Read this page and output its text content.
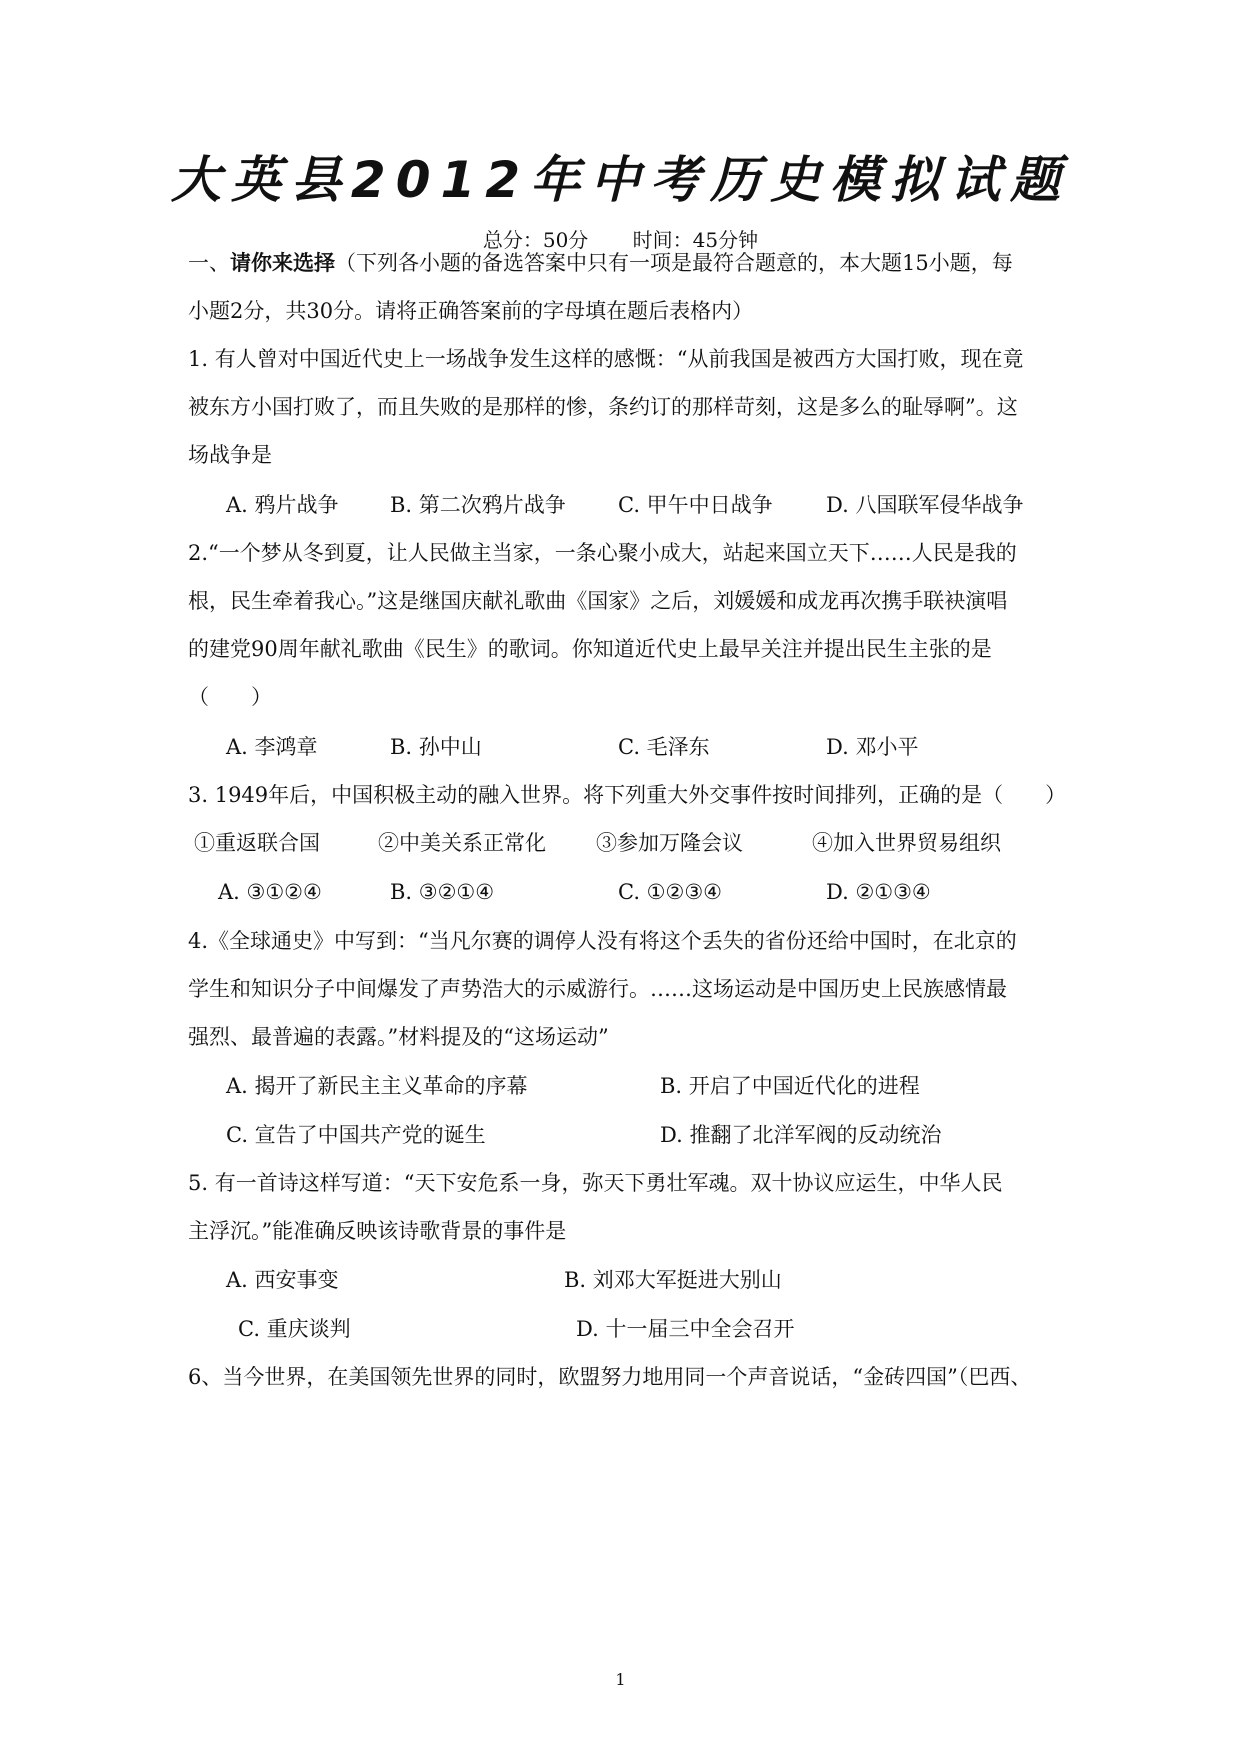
大英县2012年中考历史模拟试题
总分：50分 时间：45分钟
一、请你来选择（下列各小题的备选答案中只有一项是最符合题意的，本大题15小题，每
小题2分，共30分。请将正确答案前的字母填在题后表格内）
1. 有人曾对中国近代史上一场战争发生这样的感慨：“从前我国是被西方大国打败，现在竟
被东方小国打败了，而且失败的是那样的惨，条约订的那样苛刻，这是多么的耻辱啊”。这
场战争是
A. 鸦片战争 B. 第二次鸦片战争 C. 甲午中日战争	D. 八国联军侵华战争
2.“一个梦从冬到夏，让人民做主当家，一条心聚小成大，站起来国立天下……人民是我的
根，民生牵着我心。”这是继国庆献礼歌曲《国家》之后，刘媛媛和成龙再次携手联袂演唱
的建党90周年献礼歌曲《民生》的歌词。你知道近代史上最早关注并提出民生主张的是
（　　）
A. 李鸿章	B. 孙中山	C. 毛泽东	D. 邓小平
3. 1949年后，中国积极主动的融入世界。将下列重大外交事件按时间排列，正确的是（　　）
①重返联合国	②中美关系正常化 ③参加万隆会议	④加入世界贸易组织
A. ③①②④	B. ③②①④	C. ①②③④	D. ②①③④
4.《全球通史》中写到：“当凡尔赛的调停人没有将这个丢失的省份还给中国时，在北京的
学生和知识分子中间爆发了声势浩大的示威游行。……这场运动是中国历史上民族感情最
强烈、最普遍的表露。”材料提及的“这场运动”
A. 揭开了新民主主义革命的序幕	B. 开启了中国近代化的进程
C. 宣告了中国共产党的诞生	D. 推翻了北洋军阀的反动统治
5. 有一首诗这样写道：“天下安危系一身，弥天下勇壮军魂。双十协议应运生，中华人民
主浮沉。”能准确反映该诗歌背景的事件是
A. 西安事变	B. 刘邓大军挺进大别山
C. 重庆谈判	D. 十一届三中全会召开
6、当今世界，在美国领先世界的同时，欧盟努力地用同一个声音说话，“金砖四国”（巴西、
1
